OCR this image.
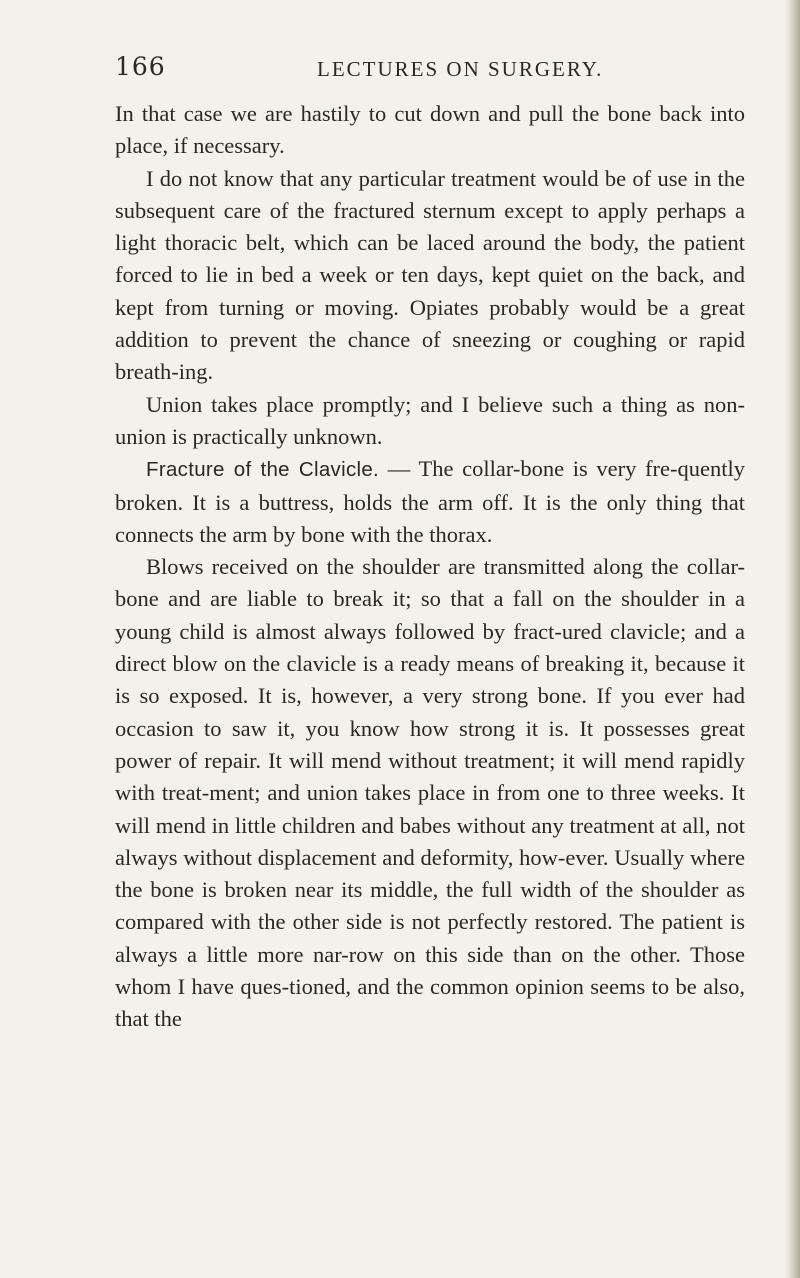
166	LECTURES ON SURGERY.

In that case we are hastily to cut down and pull the bone back into place, if necessary.

I do not know that any particular treatment would be of use in the subsequent care of the fractured sternum except to apply perhaps a light thoracic belt, which can be laced around the body, the patient forced to lie in bed a week or ten days, kept quiet on the back, and kept from turning or moving. Opiates probably would be a great addition to prevent the chance of sneezing or coughing or rapid breath-ing.

Union takes place promptly; and I believe such a thing as non-union is practically unknown.

Fracture of the Clavicle. — The collar-bone is very fre-quently broken. It is a buttress, holds the arm off. It is the only thing that connects the arm by bone with the thorax.

Blows received on the shoulder are transmitted along the collar-bone and are liable to break it; so that a fall on the shoulder in a young child is almost always followed by fract-ured clavicle; and a direct blow on the clavicle is a ready means of breaking it, because it is so exposed. It is, however, a very strong bone. If you ever had occasion to saw it, you know how strong it is. It possesses great power of repair. It will mend without treatment; it will mend rapidly with treat-ment; and union takes place in from one to three weeks. It will mend in little children and babes without any treatment at all, not always without displacement and deformity, how-ever. Usually where the bone is broken near its middle, the full width of the shoulder as compared with the other side is not perfectly restored. The patient is always a little more nar-row on this side than on the other. Those whom I have ques-tioned, and the common opinion seems to be also, that the
